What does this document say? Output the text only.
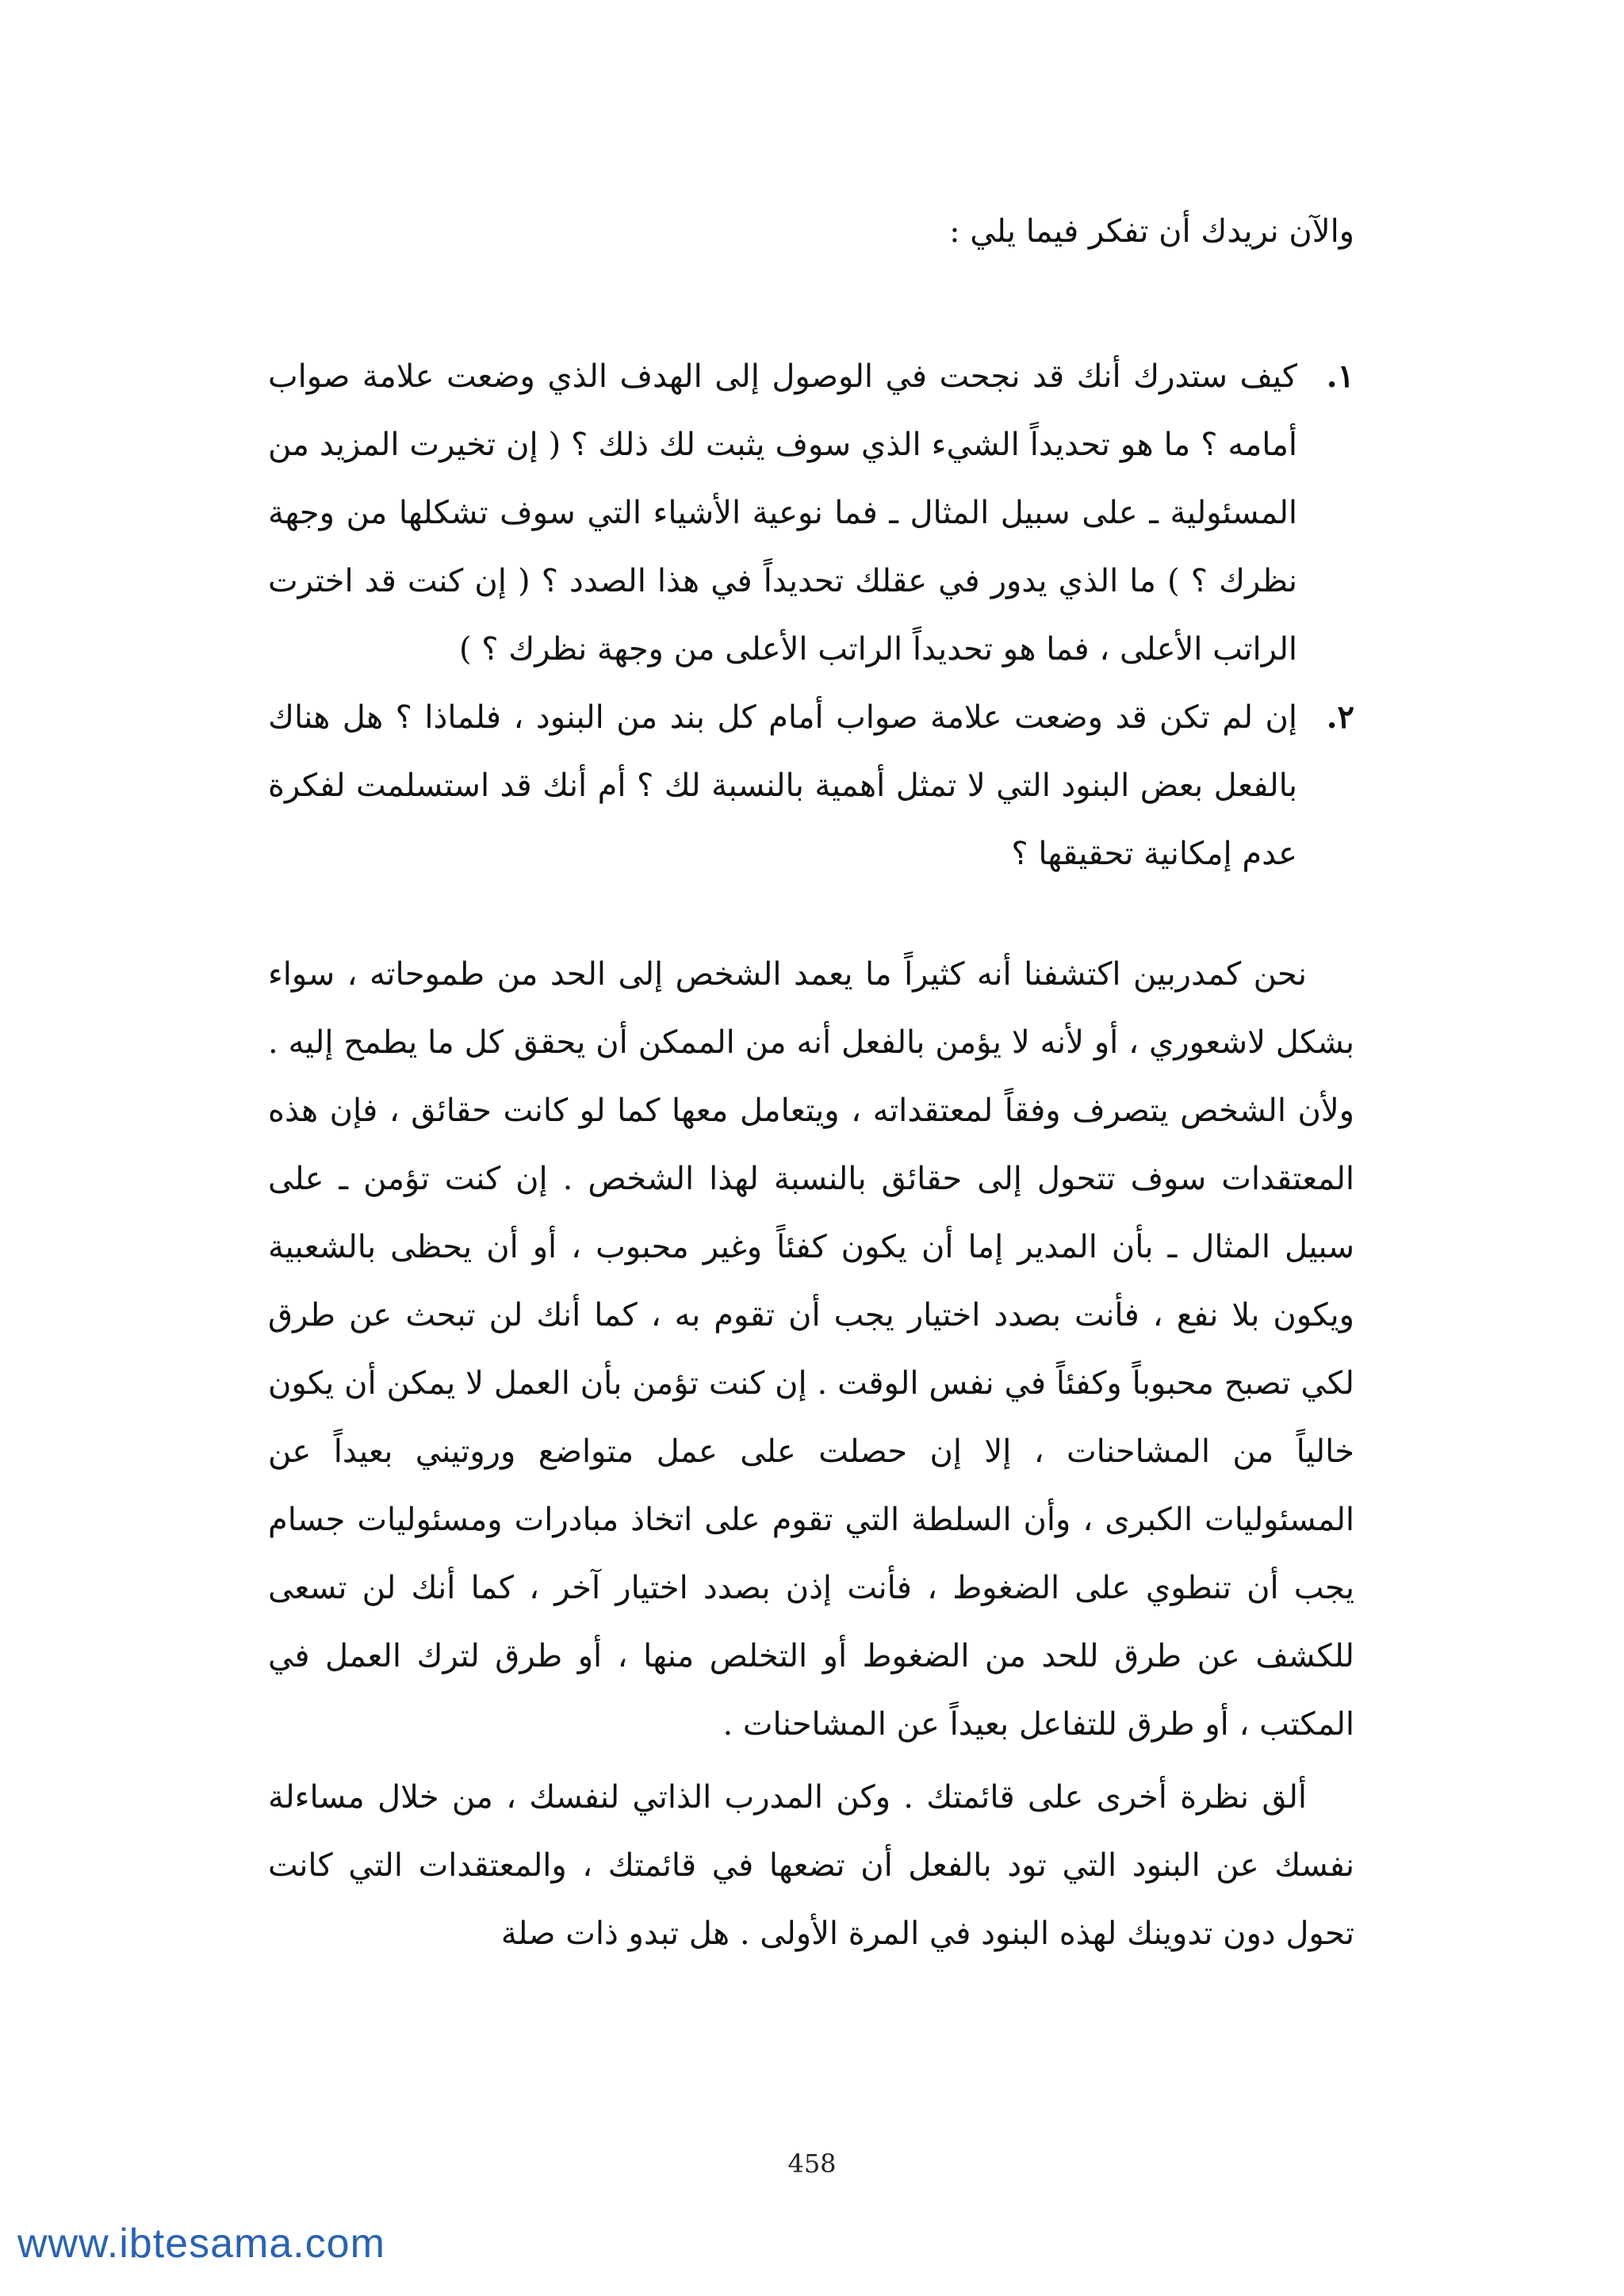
والآن نريدك أن تفكر فيما يلي :
١.
كيف ستدرك أنك قد نجحت في الوصول إلى الهدف الذي وضعت علامة صواب أمامه ؟ ما هو تحديداً الشيء الذي سوف يثبت لك ذلك ؟ ( إن تخيرت المزيد من المسئولية ـ على سبيل المثال ـ فما نوعية الأشياء التي سوف تشكلها من وجهة نظرك ؟ ) ما الذي يدور في عقلك تحديداً في هذا الصدد ؟ ( إن كنت قد اخترت الراتب الأعلى ، فما هو تحديداً الراتب الأعلى من وجهة نظرك ؟ )
٢.
إن لم تكن قد وضعت علامة صواب أمام كل بند من البنود ، فلماذا ؟ هل هناك بالفعل بعض البنود التي لا تمثل أهمية بالنسبة لك ؟ أم أنك قد استسلمت لفكرة عدم إمكانية تحقيقها ؟

نحن كمدربين اكتشفنا أنه كثيراً ما يعمد الشخص إلى الحد من طموحاته ، سواء بشكل لاشعوري ، أو لأنه لا يؤمن بالفعل أنه من الممكن أن يحقق كل ما يطمح إليه . ولأن الشخص يتصرف وفقاً لمعتقداته ، ويتعامل معها كما لو كانت حقائق ، فإن هذه المعتقدات سوف تتحول إلى حقائق بالنسبة لهذا الشخص . إن كنت تؤمن ـ على سبيل المثال ـ بأن المدير إما أن يكون كفئاً وغير محبوب ، أو أن يحظى بالشعبية ويكون بلا نفع ، فأنت بصدد اختيار يجب أن تقوم به ، كما أنك لن تبحث عن طرق لكي تصبح محبوباً وكفئاً في نفس الوقت . إن كنت تؤمن بأن العمل لا يمكن أن يكون خالياً من المشاحنات ، إلا إن حصلت على عمل متواضع وروتيني بعيداً عن المسئوليات الكبرى ، وأن السلطة التي تقوم على اتخاذ مبادرات ومسئوليات جسام يجب أن تنطوي على الضغوط ، فأنت إذن بصدد اختيار آخر ، كما أنك لن تسعى للكشف عن طرق للحد من الضغوط أو التخلص منها ، أو طرق لترك العمل في المكتب ، أو طرق للتفاعل بعيداً عن المشاحنات .

ألق نظرة أخرى على قائمتك . وكن المدرب الذاتي لنفسك ، من خلال مساءلة نفسك عن البنود التي تود بالفعل أن تضعها في قائمتك ، والمعتقدات التي كانت تحول دون تدوينك لهذه البنود في المرة الأولى . هل تبدو ذات صلة

458
www.ibtesama.com
